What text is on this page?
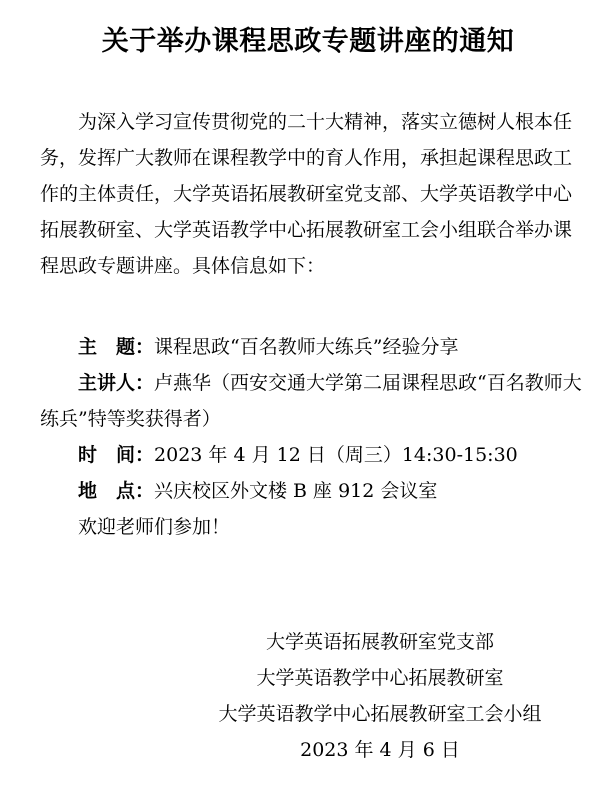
关于举办课程思政专题讲座的通知

为深入学习宣传贯彻党的二十大精神，落实立德树人根本任务，发挥广大教师在课程教学中的育人作用，承担起课程思政工作的主体责任，大学英语拓展教研室党支部、大学英语教学中心拓展教研室、大学英语教学中心拓展教研室工会小组联合举办课程思政专题讲座。具体信息如下：

主　题：课程思政“百名教师大练兵”经验分享

主讲人：卢燕华（西安交通大学第二届课程思政“百名教师大练兵”特等奖获得者）

时　间：2023 年 4 月 12 日（周三）14:30-15:30

地　点：兴庆校区外文楼 B 座 912 会议室

欢迎老师们参加！

大学英语拓展教研室党支部
大学英语教学中心拓展教研室
大学英语教学中心拓展教研室工会小组
2023 年 4 月 6 日
